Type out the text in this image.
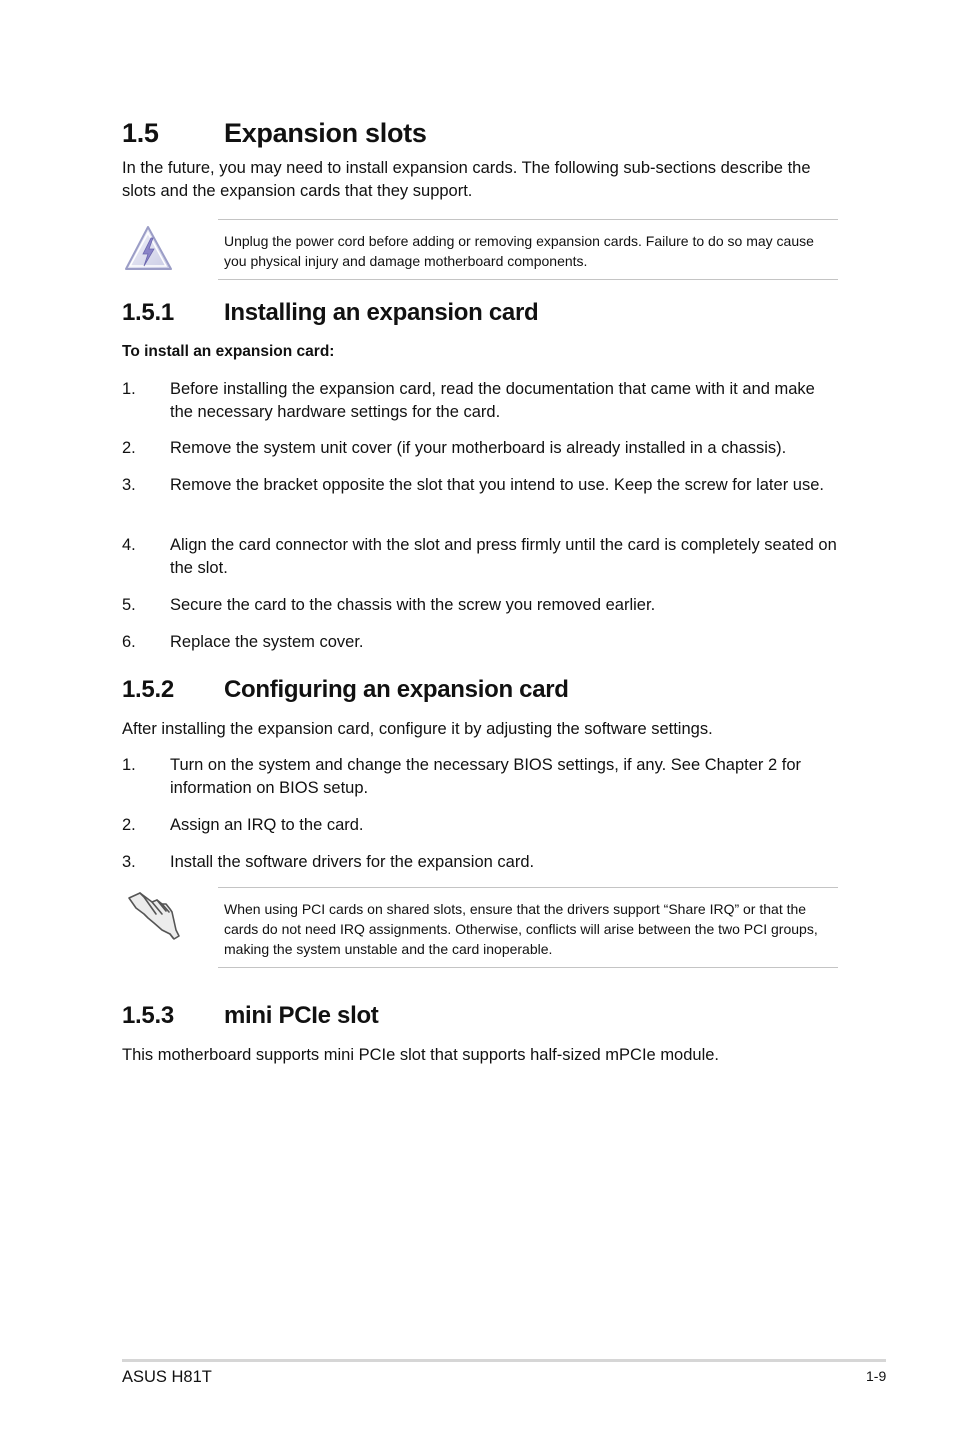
1.5 Expansion slots
In the future, you may need to install expansion cards. The following sub-sections describe the slots and the expansion cards that they support.
Unplug the power cord before adding or removing expansion cards. Failure to do so may cause you physical injury and damage motherboard components.
1.5.1 Installing an expansion card
To install an expansion card:
1. Before installing the expansion card, read the documentation that came with it and make the necessary hardware settings for the card.
2. Remove the system unit cover (if your motherboard is already installed in a chassis).
3. Remove the bracket opposite the slot that you intend to use. Keep the screw for later use.
4. Align the card connector with the slot and press firmly until the card is completely seated on the slot.
5. Secure the card to the chassis with the screw you removed earlier.
6. Replace the system cover.
1.5.2 Configuring an expansion card
After installing the expansion card, configure it by adjusting the software settings.
1. Turn on the system and change the necessary BIOS settings, if any. See Chapter 2 for information on BIOS setup.
2. Assign an IRQ to the card.
3. Install the software drivers for the expansion card.
When using PCI cards on shared slots, ensure that the drivers support “Share IRQ” or that the cards do not need IRQ assignments. Otherwise, conflicts will arise between the two PCI groups, making the system unstable and the card inoperable.
1.5.3 mini PCIe slot
This motherboard supports mini PCIe slot that supports half-sized mPCIe module.
ASUS H81T	1-9
